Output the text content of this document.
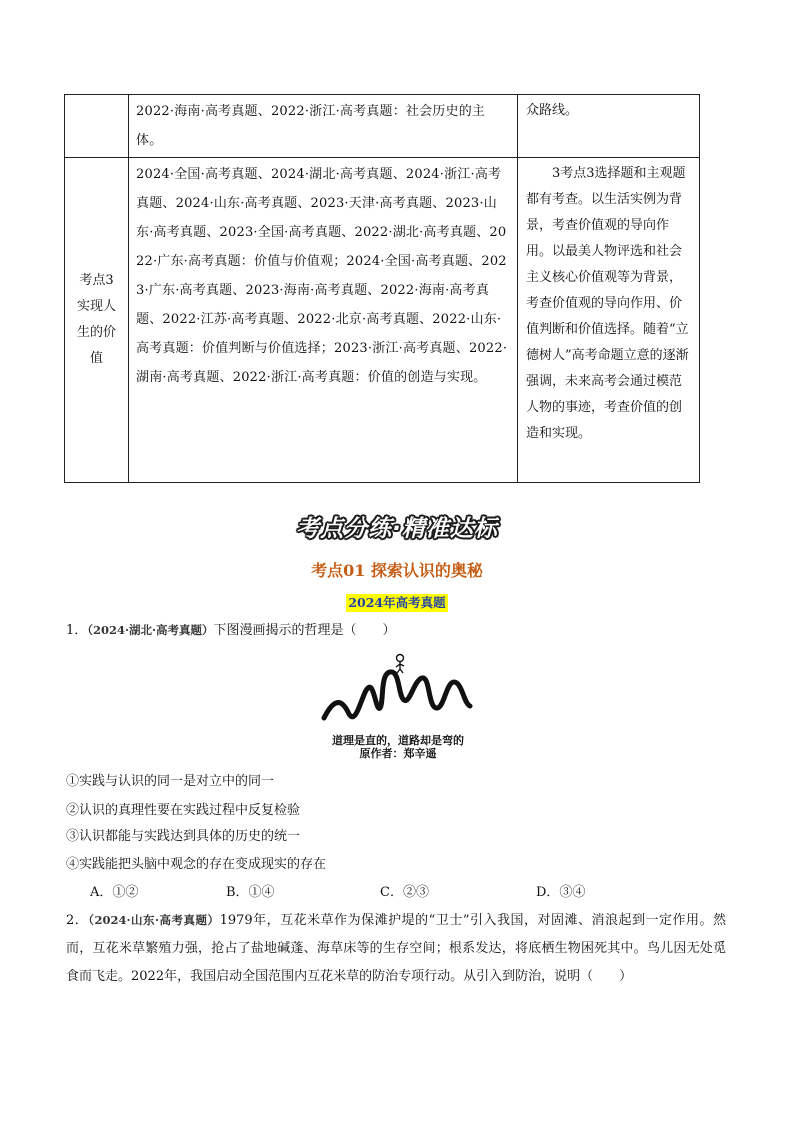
	2022·海南·高考真题、2022·浙江·高考真题：社会历史的主体。	众路线。

考点3 实现人生的价值	2024·全国·高考真题、2024·湖北·高考真题、2024·浙江·高考真题、2024·山东·高考真题、2023·天津·高考真题、2023·山东·高考真题、2023·全国·高考真题、2022·湖北·高考真题、2022·广东·高考真题：价值与价值观；2024·全国·高考真题、2023·广东·高考真题、2023·海南·高考真题、2022·海南·高考真题、2022·江苏·高考真题、2022·北京·高考真题、2022·山东·高考真题：价值判断与价值选择；2023·浙江·高考真题、2022·湖南·高考真题、2022·浙江·高考真题：价值的创造与实现。	3考点3选择题和主观题都有考查。以生活实例为背景，考查价值观的导向作用。以最美人物评选和社会主义核心价值观等为背景，考查价值观的导向作用、价值判断和价值选择。随着“立德树人”高考命题立意的逐渐强调，未来高考会通过模范人物的事迹，考查价值的创造和实现。
考点分练·精准达标
考点01 探索认识的奥秘
2024年高考真题
1．（2024·湖北·高考真题）下图漫画揭示的哲理是（　　）
道理是直的，道路却是弯的
原作者：郑辛遥
①实践与认识的同一是对立中的同一
②认识的真理性要在实践过程中反复检验
③认识都能与实践达到具体的历史的统一
④实践能把头脑中观念的存在变成现实的存在
A．①②	B．①④	C．②③	D．③④
2．（2024·山东·高考真题）1979年，互花米草作为保滩护堤的“卫士”引入我国，对固滩、消浪起到一定作用。然而，互花米草繁殖力强，抢占了盐地碱蓬、海草床等的生存空间；根系发达，将底栖生物困死其中。鸟儿因无处觅食而飞走。2022年，我国启动全国范围内互花米草的防治专项行动。从引入到防治，说明（　　）
